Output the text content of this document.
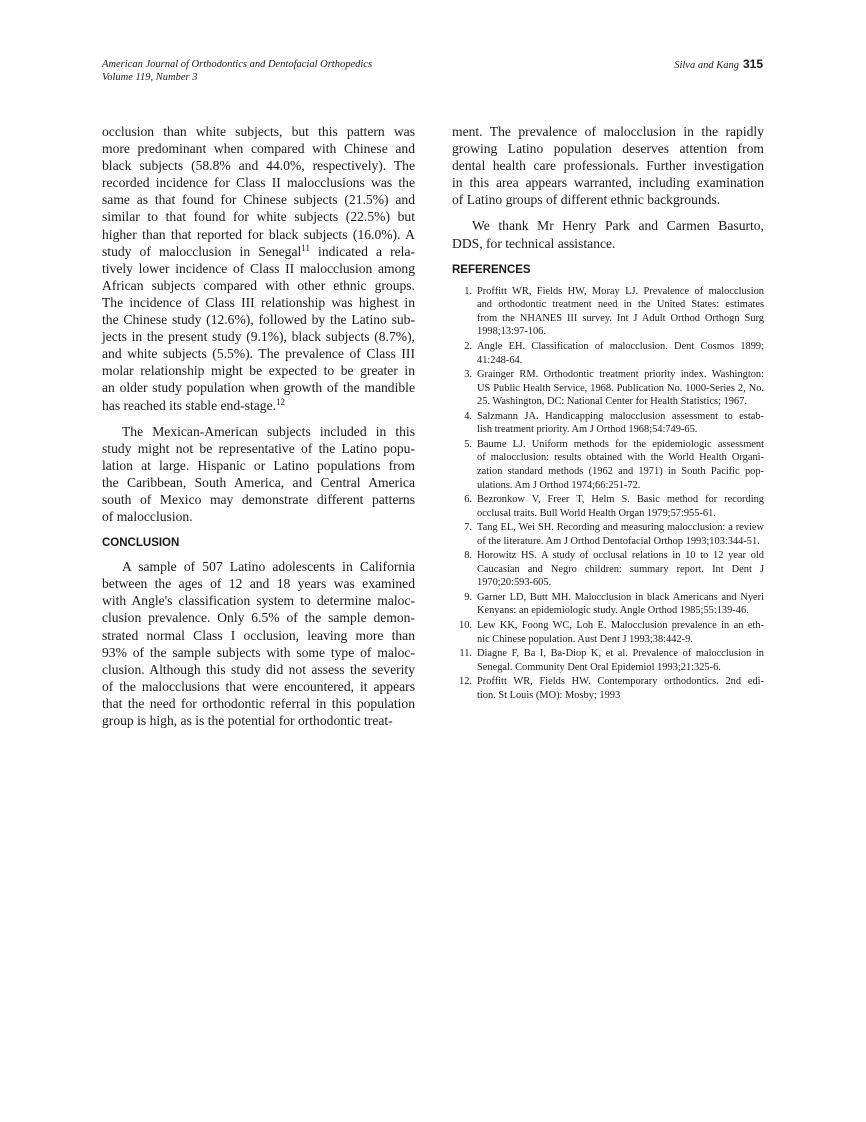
American Journal of Orthodontics and Dentofacial Orthopedics
Volume 119, Number 3
Silva and Kang 315
occlusion than white subjects, but this pattern was
more predominant when compared with Chinese and
black subjects (58.8% and 44.0%, respectively). The
recorded incidence for Class II malocclusions was the
same as that found for Chinese subjects (21.5%) and
similar to that found for white subjects (22.5%) but
higher than that reported for black subjects (16.0%). A
study of malocclusion in Senegal$^{11}$ indicated a rela-
tively lower incidence of Class II malocclusion among
African subjects compared with other ethnic groups.
The incidence of Class III relationship was highest in
the Chinese study (12.6%), followed by the Latino sub-
jects in the present study (9.1%), black subjects (8.7%),
and white subjects (5.5%). The prevalence of Class III
molar relationship might be expected to be greater in
an older study population when growth of the mandible
has reached its stable end-stage.$^{12}$
The Mexican-American subjects included in this
study might not be representative of the Latino popu-
lation at large. Hispanic or Latino populations from
the Caribbean, South America, and Central America
south of Mexico may demonstrate different patterns
of malocclusion.
CONCLUSION
A sample of 507 Latino adolescents in California
between the ages of 12 and 18 years was examined
with Angle's classification system to determine maloc-
clusion prevalence. Only 6.5% of the sample demon-
strated normal Class I occlusion, leaving more than
93% of the sample subjects with some type of maloc-
clusion. Although this study did not assess the severity
of the malocclusions that were encountered, it appears
that the need for orthodontic referral in this population
group is high, as is the potential for orthodontic treat-
ment. The prevalence of malocclusion in the rapidly
growing Latino population deserves attention from
dental health care professionals. Further investigation
in this area appears warranted, including examination
of Latino groups of different ethnic backgrounds.
We thank Mr Henry Park and Carmen Basurto,
DDS, for technical assistance.
REFERENCES
1. Proffitt WR, Fields HW, Moray LJ. Prevalence of malocclusion
and orthodontic treatment need in the United States: estimates
from the NHANES III survey. Int J Adult Orthod Orthogn Surg
1998;13:97-106.
2. Angle EH. Classification of malocclusion. Dent Cosmos 1899;
41:248-64.
3. Grainger RM. Orthodontic treatment priority index. Washington:
US Public Health Service, 1968. Publication No. 1000-Series 2, No.
25. Washington, DC: National Center for Health Statistics; 1967.
4. Salzmann JA. Handicapping malocclusion assessment to estab-
lish treatment priority. Am J Orthod 1968;54:749-65.
5. Baume LJ. Uniform methods for the epidemiologic assessment
of malocclusion: results obtained with the World Health Organi-
zation standard methods (1962 and 1971) in South Pacific pop-
ulations. Am J Orthod 1974;66:251-72.
6. Bezronkow V, Freer T, Helm S. Basic method for recording
occlusal traits. Bull World Health Organ 1979;57:955-61.
7. Tang EL, Wei SH. Recording and measuring malocclusion: a review
of the literature. Am J Orthod Dentofacial Orthop 1993;103:344-51.
8. Horowitz HS. A study of occlusal relations in 10 to 12 year old
Caucasian and Negro children: summary report. Int Dent J
1970;20:593-605.
9. Garner LD, Butt MH. Malocclusion in black Americans and Nyeri
Kenyans: an epidemiologic study. Angle Orthod 1985;55:139-46.
10. Lew KK, Foong WC, Loh E. Malocclusion prevalence in an eth-
nic Chinese population. Aust Dent J 1993;38:442-9.
11. Diagne F, Ba I, Ba-Diop K, et al. Prevalence of malocclusion in
Senegal. Community Dent Oral Epidemiol 1993;21:325-6.
12. Proffitt WR, Fields HW. Contemporary orthodontics. 2nd edi-
tion. St Louis (MO): Mosby; 1993
